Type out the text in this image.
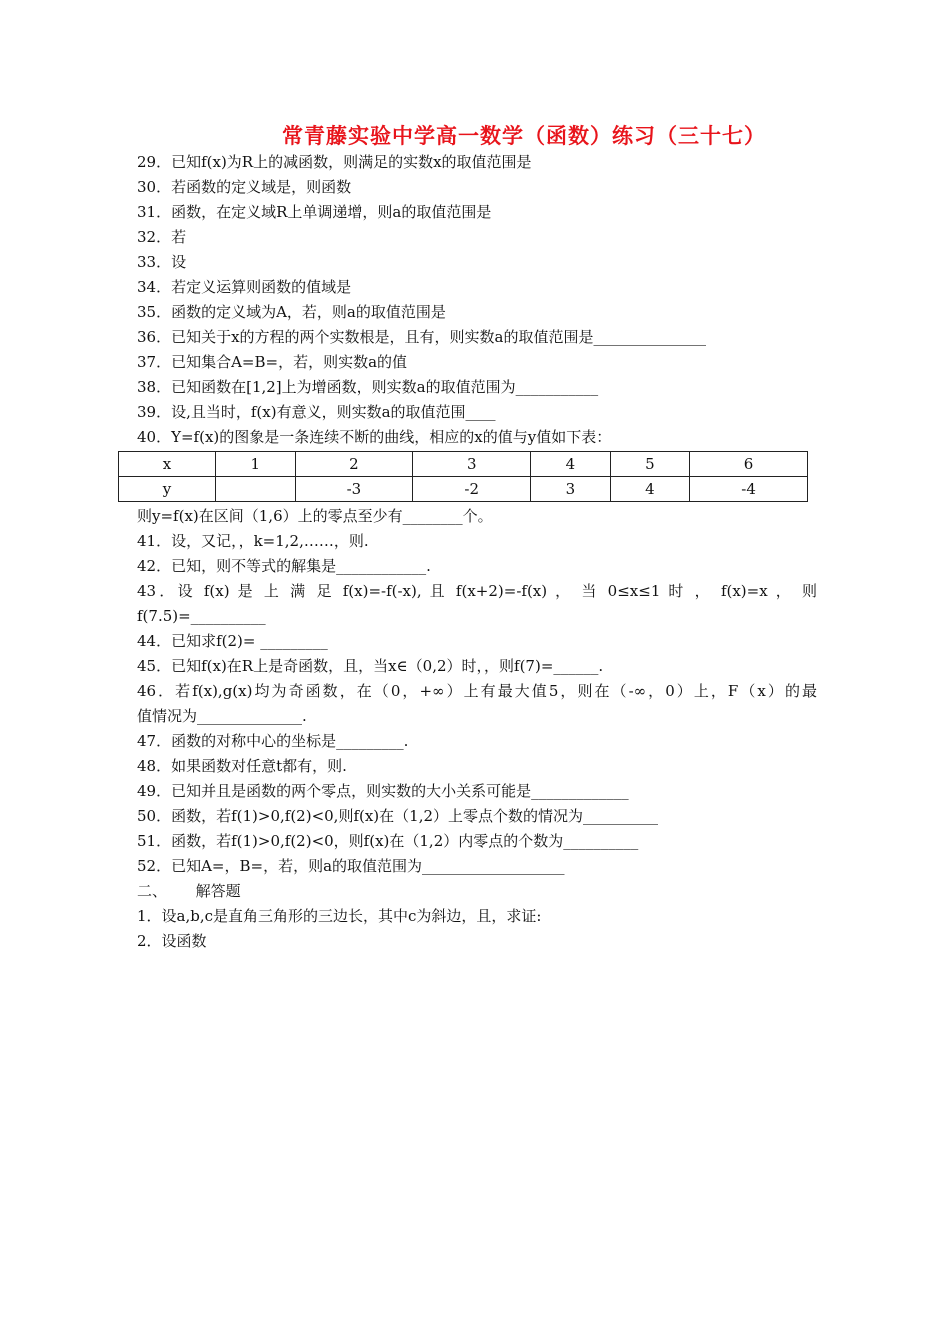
常青藤实验中学高一数学（函数）练习（三十七）
29．已知f(x)为R上的减函数，则满足的实数x的取值范围是
30．若函数的定义域是，则函数
31．函数，在定义域R上单调递增，则a的取值范围是
32．若
33．设
34．若定义运算则函数的值域是
35．函数的定义域为A，若，则a的取值范围是
36．已知关于x的方程的两个实数根是，且有，则实数a的取值范围是_______________
37．已知集合A=B=，若，则实数a的值
38．已知函数在[1,2]上为增函数，则实数a的取值范围为___________
39．设,且当时，f(x)有意义，则实数a的取值范围____
40．Y=f(x)的图象是一条连续不断的曲线，相应的x的值与y值如下表：
x	1	2	3	4	5	6
y		-3	-2	3	4	-4
则y=f(x)在区间（1,6）上的零点至少有________个。
41．设，又记，，k=1,2,……，则.
42．已知，则不等式的解集是____________.
43．设 f(x) 是 上 满 足 f(x)=-f(-x), 且 f(x+2)=-f(x) ， 当 0≤x≤1 时 ， f(x)=x ， 则
f(7.5)=__________
44．已知求f(2)= _________
45．已知f(x)在R上是奇函数，且，当x∈（0,2）时，，则f(7)=______.
46．若f(x),g(x)均为奇函数，在（0，+∞）上有最大值5，则在（-∞，0）上，F（x）的最
值情况为______________.
47．函数的对称中心的坐标是_________.
48．如果函数对任意t都有，则.
49．已知并且是函数的两个零点，则实数的大小关系可能是_____________
50．函数，若f(1)>0,f(2)<0,则f(x)在（1,2）上零点个数的情况为__________
51．函数，若f(1)>0,f(2)<0，则f(x)在（1,2）内零点的个数为__________
52．已知A=，B=，若，则a的取值范围为___________________
二、      解答题
1．设a,b,c是直角三角形的三边长，其中c为斜边，且，求证:
2．设函数
